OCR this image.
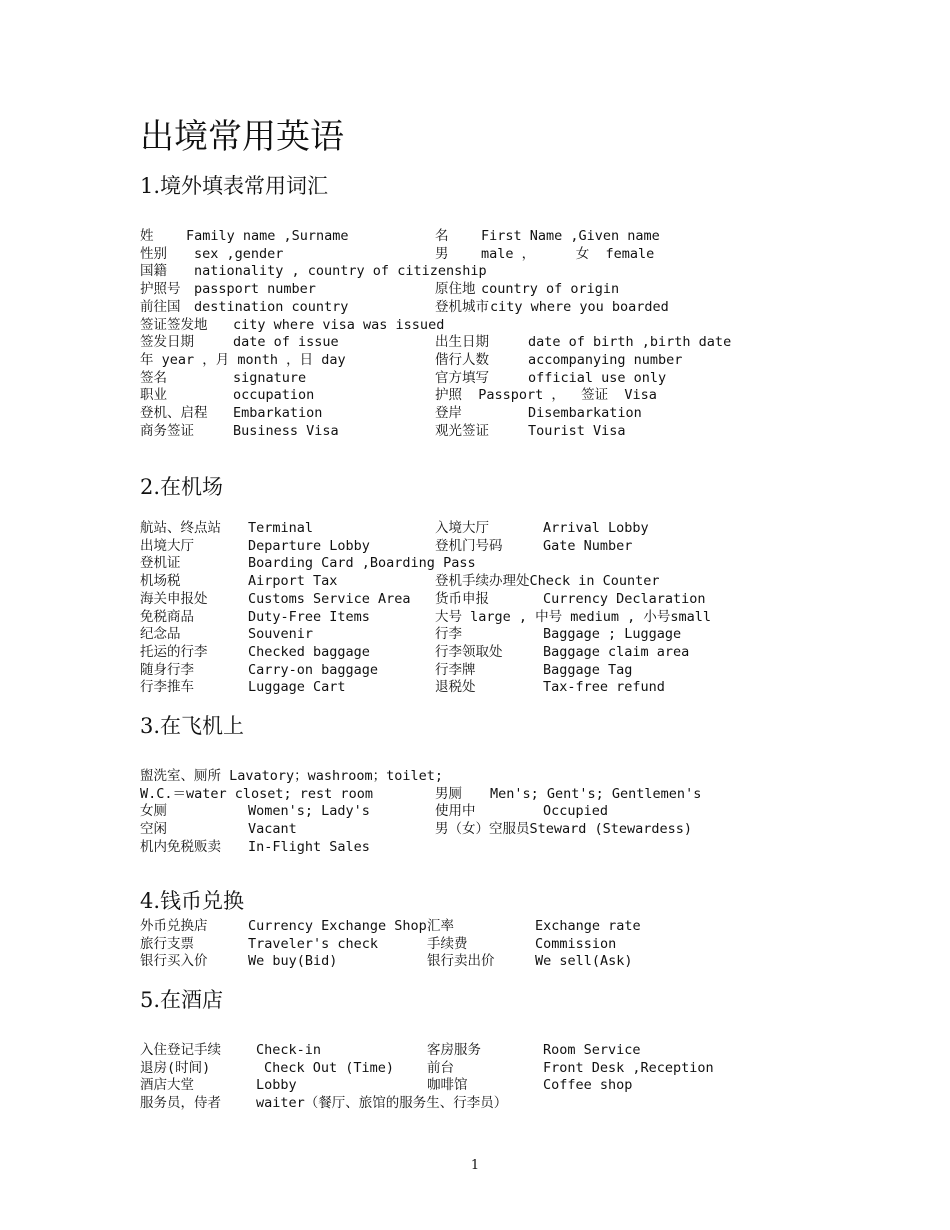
出境常用英语
1.境外填表常用词汇
姓 Family name ,Surname	名 First Name ,Given name
性别 sex ,gender	男 male ，     女  female
国籍 nationality , country of citizenship
护照号 passport number	原住地 country of origin
前往国 destination country	登机城市 city where you boarded
签证签发地 city where visa was issued
签发日期	date of issue	出生日期	date of birth ,birth date
年 year ，月 month ，日 day	偕行人数	accompanying number
签名	signature	官方填写	official use only
职业	occupation	护照  Passport ，  签证  Visa
登机、启程 Embarkation	登岸	Disembarkation
商务签证	Business Visa	观光签证	Tourist Visa
2.在机场
航站、终点站 Terminal	入境大厅	Arrival Lobby
出境大厅	Departure Lobby	登机门号码	Gate Number
登机证	Boarding Card ,Boarding Pass
机场税	Airport Tax	登机手续办理处Check in Counter
海关申报处	Customs Service Area 货币申报	Currency Declaration
免税商品	Duty-Free Items	大号 large , 中号 medium , 小号small
纪念品	Souvenir	行李	Baggage ; Luggage
托运的行李	Checked baggage	行李领取处	Baggage claim area
随身行李	Carry-on baggage	行李牌	Baggage Tag
行李推车	Luggage Cart	退税处	Tax-free refund
3.在飞机上
盥洗室、厕所 Lavatory；washroom；toilet;
W.C.＝water closet; rest room	男厕 Men's; Gent's; Gentlemen's
女厕	Women's; Lady's	使用中	Occupied
空闲	Vacant	男（女）空服员Steward (Stewardess)
机内免税贩卖 In-Flight Sales
4.钱币兑换
外币兑换店	Currency Exchange Shop 汇率	Exchange rate
旅行支票	Traveler's check	手续费	Commission
银行买入价	We buy(Bid)	银行卖出价	We sell(Ask)
5.在酒店
入住登记手续	Check-in	客房服务	Room Service
退房(时间)	Check Out (Time) 前台	Front Desk ,Reception
酒店大堂	Lobby	咖啡馆	Coffee shop
服务员，侍者	waiter（餐厅、旅馆的服务生、行李员）
1
